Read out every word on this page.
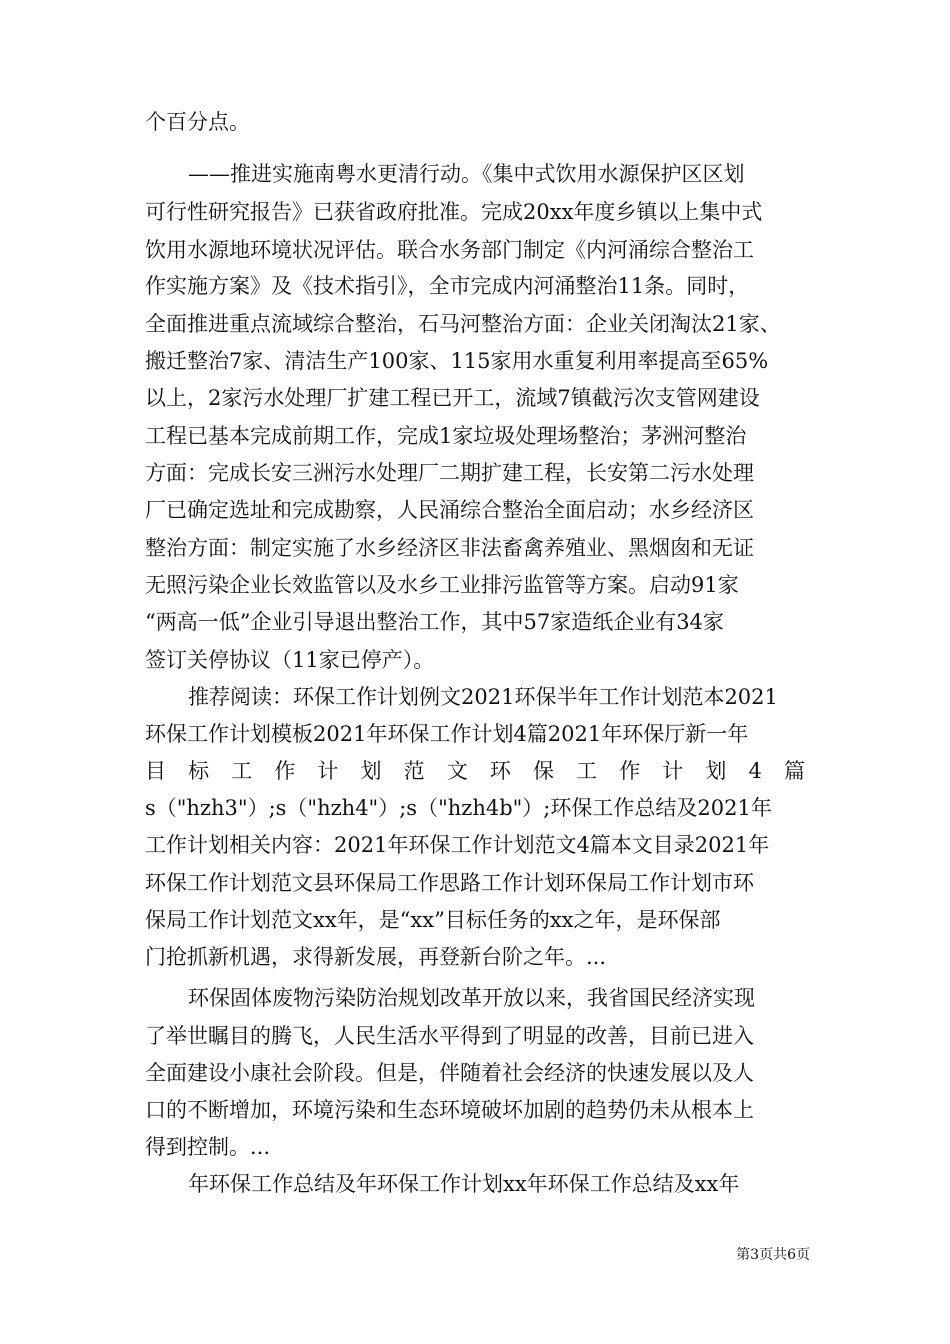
个百分点。
——推进实施南粤水更清行动。《集中式饮用水源保护区区划
可行性研究报告》已获省政府批准。完成20xx年度乡镇以上集中式
饮用水源地环境状况评估。联合水务部门制定《内河涌综合整治工
作实施方案》及《技术指引》，全市完成内河涌整治11条。同时，
全面推进重点流域综合整治，石马河整治方面：企业关闭淘汰21家、
搬迁整治7家、清洁生产100家、115家用水重复利用率提高至65%
以上，2家污水处理厂扩建工程已开工，流域7镇截污次支管网建设
工程已基本完成前期工作，完成1家垃圾处理场整治；茅洲河整治
方面：完成长安三洲污水处理厂二期扩建工程，长安第二污水处理
厂已确定选址和完成勘察，人民涌综合整治全面启动；水乡经济区
整治方面：制定实施了水乡经济区非法畜禽养殖业、黑烟囱和无证
无照污染企业长效监管以及水乡工业排污监管等方案。启动91家
“两高一低”企业引导退出整治工作，其中57家造纸企业有34家
签订关停协议（11家已停产）。
推荐阅读：环保工作计划例文2021环保半年工作计划范本2021
环保工作计划模板2021年环保工作计划4篇2021年环保厅新一年
目标工作计划范文环保工作计划4篇
s（"hzh3"）;s（"hzh4"）;s（"hzh4b"）;环保工作总结及2021年
工作计划相关内容：2021年环保工作计划范文4篇本文目录2021年
环保工作计划范文县环保局工作思路工作计划环保局工作计划市环
保局工作计划范文xx年，是“xx”目标任务的xx之年，是环保部
门抢抓新机遇，求得新发展，再登新台阶之年。...
环保固体废物污染防治规划改革开放以来，我省国民经济实现
了举世瞩目的腾飞，人民生活水平得到了明显的改善，目前已进入
全面建设小康社会阶段。但是，伴随着社会经济的快速发展以及人
口的不断增加，环境污染和生态环境破坏加剧的趋势仍未从根本上
得到控制。...
年环保工作总结及年环保工作计划xx年环保工作总结及xx年
第3页共6页
